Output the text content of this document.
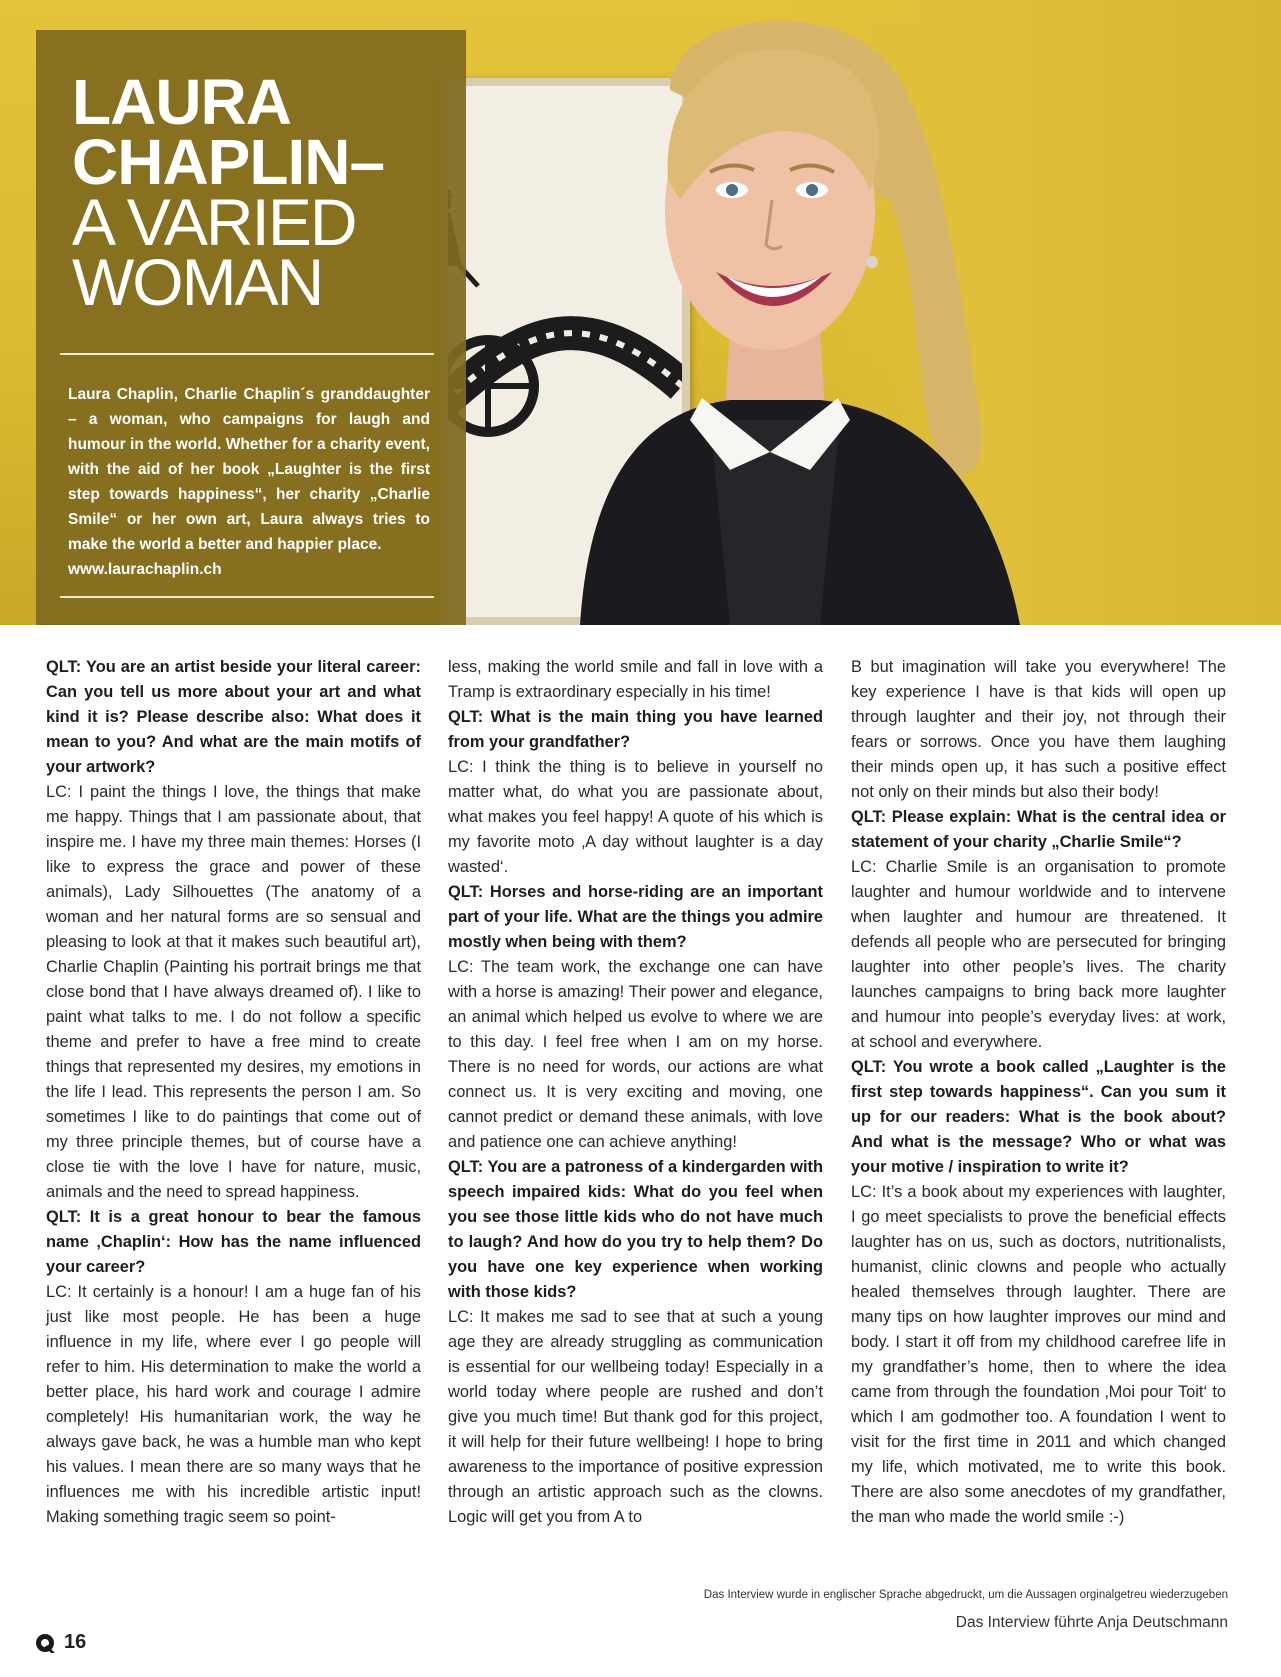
LAURA
CHAPLIN–
A VARIED
WOMAN

Laura Chaplin, Charlie Chaplin´s granddaughter – a woman, who campaigns for laugh and humour in the world. Whether for a charity event, with the aid of her book „Laughter is the first step towards happiness“, her charity „Charlie Smile“ or her own art, Laura always tries to make the world a better and happier place.
www.laurachaplin.ch

QLT: You are an artist beside your literal career: Can you tell us more about your art and what kind it is? Please describe also: What does it mean to you? And what are the main motifs of your artwork?

LC: I paint the things I love, the things that make me happy. Things that I am passionate about, that inspire me. I have my three main themes: Horses (I like to express the grace and power of these animals), Lady Silhouettes (The anatomy of a woman and her natural forms are so sensual and pleasing to look at that it makes such beautiful art), Charlie Chaplin (Painting his portrait brings me that close bond that I have always dreamed of). I like to paint what talks to me. I do not follow a specific theme and prefer to have a free mind to create things that represented my desires, my emotions in the life I lead. This represents the person I am. So sometimes I like to do paintings that come out of my three principle themes, but of course have a close tie with the love I have for nature, music, animals and the need to spread happiness.

QLT: It is a great honour to bear the famous name ‚Chaplin‘: How has the name influenced your career?

LC: It certainly is a honour! I am a huge fan of his just like most people. He has been a huge influence in my life, where ever I go people will refer to him. His determination to make the world a better place, his hard work and courage I admire completely! His humanitarian work, the way he always gave back, he was a humble man who kept his values. I mean there are so many ways that he influences me with his incredible artistic input! Making something tragic seem so point-

less, making the world smile and fall in love with a Tramp is extraordinary especially in his time!

QLT: What is the main thing you have learned from your grandfather?

LC: I think the thing is to believe in yourself no matter what, do what you are passionate about, what makes you feel happy! A quote of his which is my favorite moto ‚A day without laughter is a day wasted‘.

QLT: Horses and horse-riding are an important part of your life. What are the things you admire mostly when being with them?

LC: The team work, the exchange one can have with a horse is amazing! Their power and elegance, an animal which helped us evolve to where we are to this day. I feel free when I am on my horse. There is no need for words, our actions are what connect us. It is very exciting and moving, one cannot predict or demand these animals, with love and patience one can achieve anything!

QLT: You are a patroness of a kindergarden with speech impaired kids: What do you feel when you see those little kids who do not have much to laugh? And how do you try to help them? Do you have one key experience when working with those kids?

LC: It makes me sad to see that at such a young age they are already struggling as communication is essential for our wellbeing today! Especially in a world today where people are rushed and don’t give you much time! But thank god for this project, it will help for their future wellbeing! I hope to bring awareness to the importance of positive expression through an artistic approach such as the clowns. Logic will get you from A to

B but imagination will take you everywhere! The key experience I have is that kids will open up through laughter and their joy, not through their fears or sorrows. Once you have them laughing their minds open up, it has such a positive effect not only on their minds but also their body!

QLT: Please explain: What is the central idea or statement of your charity „Charlie Smile“?

LC: Charlie Smile is an organisation to promote laughter and humour worldwide and to intervene when laughter and humour are threatened. It defends all people who are persecuted for bringing laughter into other people’s lives. The charity launches campaigns to bring back more laughter and humour into people’s everyday lives: at work, at school and everywhere.

QLT: You wrote a book called „Laughter is the first step towards happiness“. Can you sum it up for our readers: What is the book about? And what is the message? Who or what was your motive / inspiration to write it?

LC: It’s a book about my experiences with laughter, I go meet specialists to prove the beneficial effects laughter has on us, such as doctors, nutritionalists, humanist, clinic clowns and people who actually healed themselves through laughter. There are many tips on how laughter improves our mind and body. I start it off from my childhood carefree life in my grandfather’s home, then to where the idea came from through the foundation ‚Moi pour Toit‘ to which I am godmother too. A foundation I went to visit for the first time in 2011 and which changed my life, which motivated, me to write this book. There are also some anecdotes of my grandfather, the man who made the world smile :-)

Das Interview wurde in englischer Sprache abgedruckt, um die Aussagen orginalgetreu wiederzugeben

Das Interview führte Anja Deutschmann

16
